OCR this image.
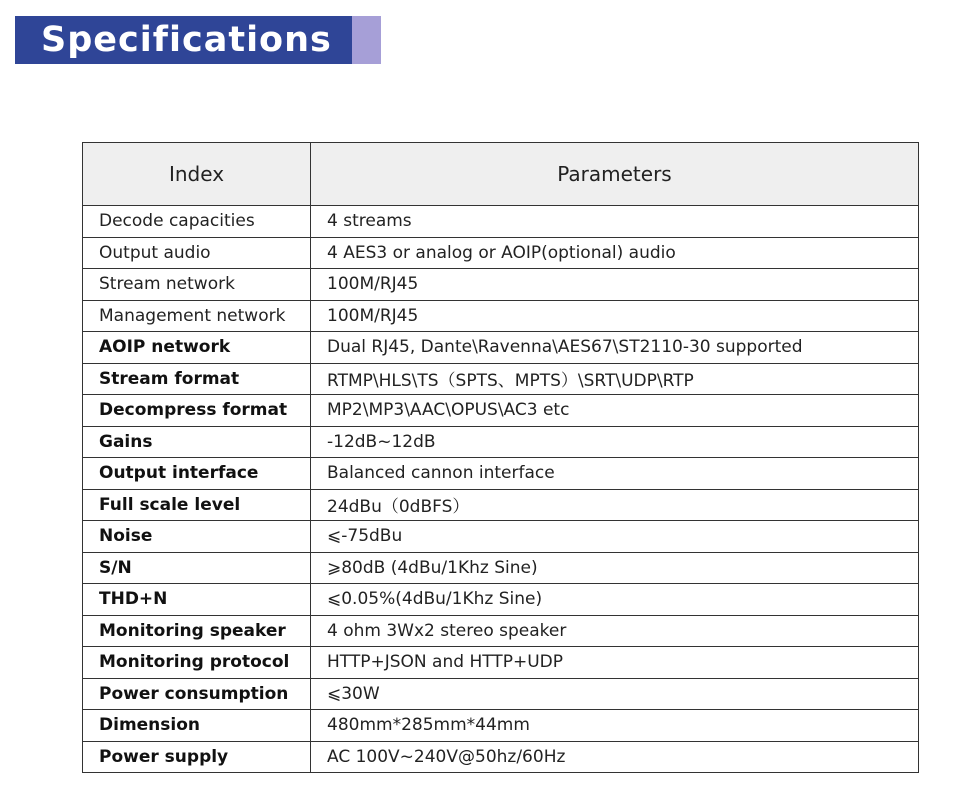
Specifications
Index	Parameters
Decode capacities	4 streams
Output audio	4 AES3 or analog or AOIP(optional) audio
Stream network	100M/RJ45
Management network	100M/RJ45
AOIP network	Dual RJ45, Dante\Ravenna\AES67\ST2110-30 supported
Stream format	RTMP\HLS\TS（SPTS、MPTS）\SRT\UDP\RTP
Decompress format	MP2\MP3\AAC\OPUS\AC3 etc
Gains	-12dB~12dB
Output interface	Balanced cannon interface
Full scale level	24dBu（0dBFS）
Noise	⩽-75dBu
S/N	⩾80dB (4dBu/1Khz Sine)
THD+N	⩽0.05%(4dBu/1Khz Sine)
Monitoring speaker	4 ohm 3Wx2 stereo speaker
Monitoring protocol	HTTP+JSON and HTTP+UDP
Power consumption	⩽30W
Dimension	480mm*285mm*44mm
Power supply	AC 100V~240V@50hz/60Hz
